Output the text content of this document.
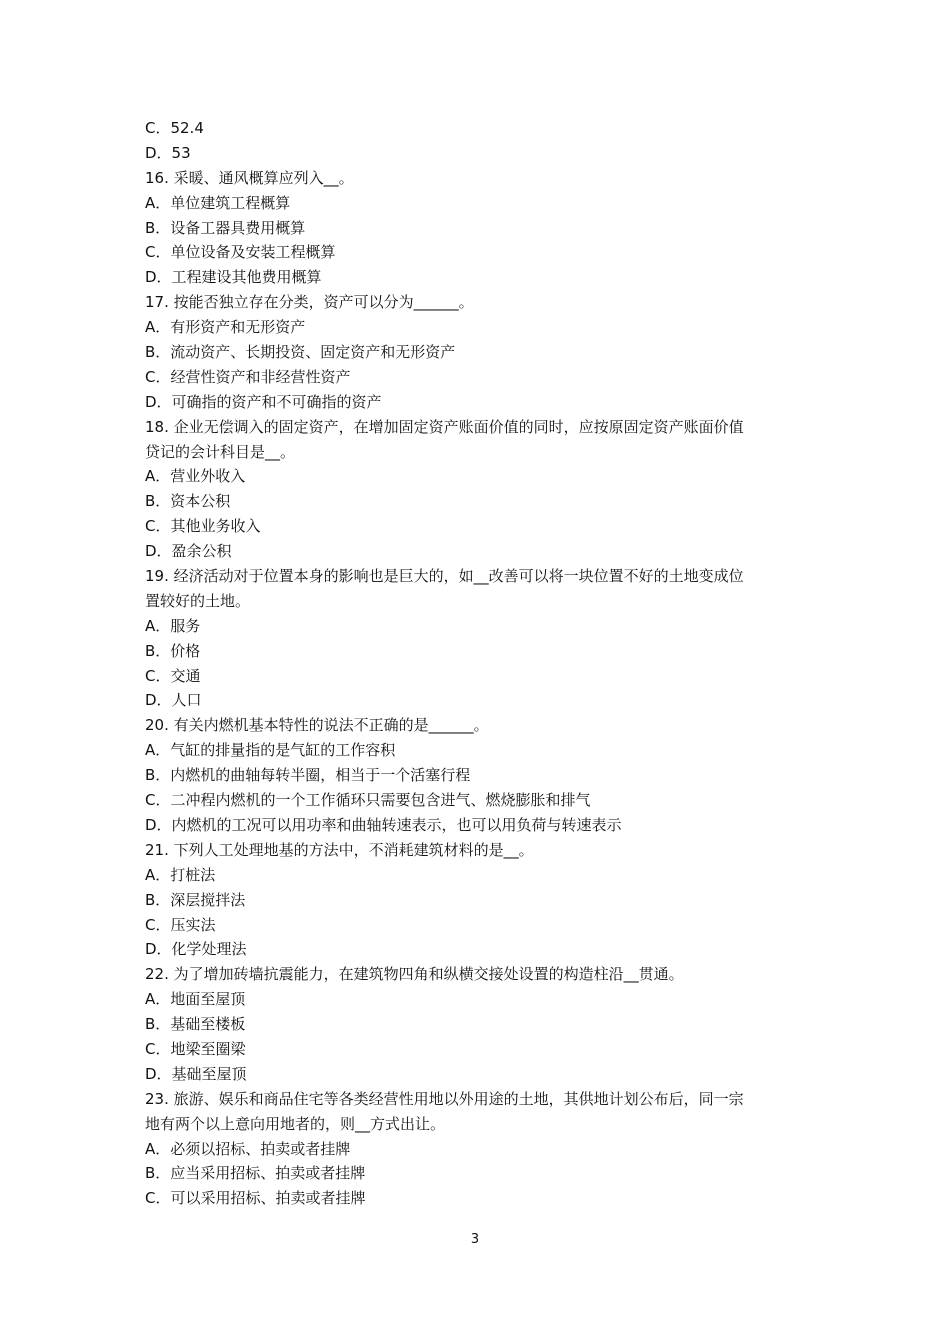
C．52.4
D．53
16. 采暖、通风概算应列入__。
A．单位建筑工程概算
B．设备工器具费用概算
C．单位设备及安装工程概算
D．工程建设其他费用概算
17. 按能否独立存在分类，资产可以分为______。
A．有形资产和无形资产
B．流动资产、长期投资、固定资产和无形资产
C．经营性资产和非经营性资产
D．可确指的资产和不可确指的资产
18. 企业无偿调入的固定资产，在增加固定资产账面价值的同时，应按原固定资产账面价值
贷记的会计科目是__。
A．营业外收入
B．资本公积
C．其他业务收入
D．盈余公积
19. 经济活动对于位置本身的影响也是巨大的，如__改善可以将一块位置不好的土地变成位
置较好的土地。
A．服务
B．价格
C．交通
D．人口
20. 有关内燃机基本特性的说法不正确的是______。
A．气缸的排量指的是气缸的工作容积
B．内燃机的曲轴每转半圈，相当于一个活塞行程
C．二冲程内燃机的一个工作循环只需要包含进气、燃烧膨胀和排气
D．内燃机的工况可以用功率和曲轴转速表示，也可以用负荷与转速表示
21. 下列人工处理地基的方法中，不消耗建筑材料的是__。
A．打桩法
B．深层搅拌法
C．压实法
D．化学处理法
22. 为了增加砖墙抗震能力，在建筑物四角和纵横交接处设置的构造柱沿__贯通。
A．地面至屋顶
B．基础至楼板
C．地梁至圈梁
D．基础至屋顶
23. 旅游、娱乐和商品住宅等各类经营性用地以外用途的土地，其供地计划公布后，同一宗
地有两个以上意向用地者的，则__方式出让。
A．必须以招标、拍卖或者挂牌
B．应当采用招标、拍卖或者挂牌
C．可以采用招标、拍卖或者挂牌
3
